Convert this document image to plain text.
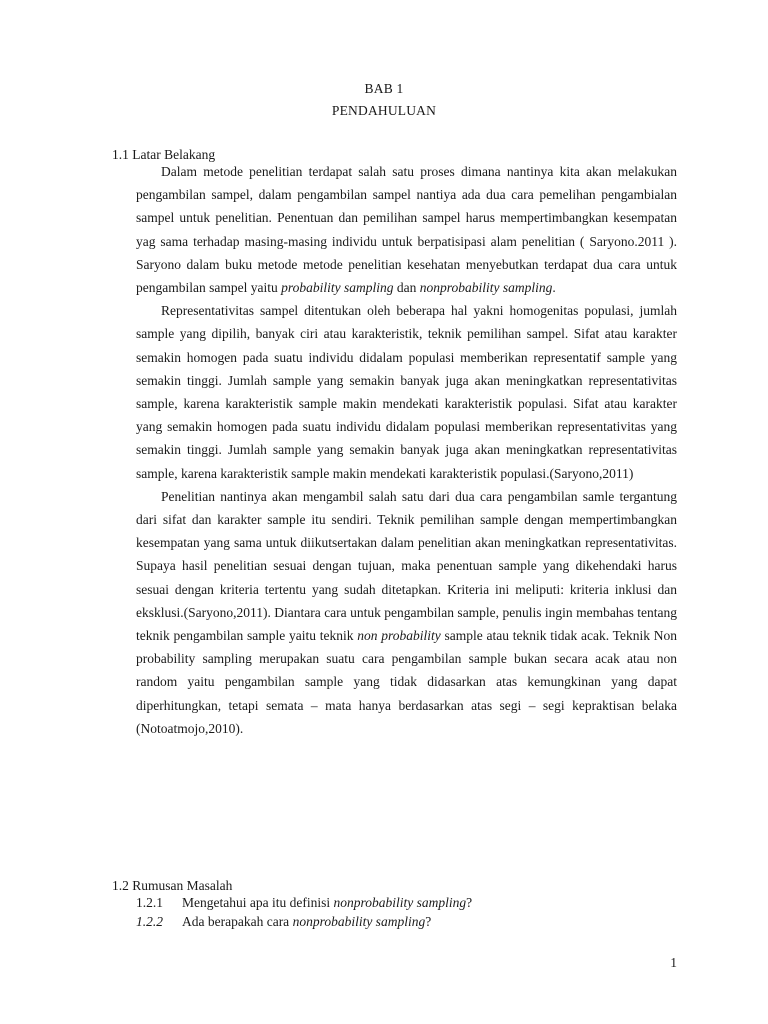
BAB 1
PENDAHULUAN
1.1 Latar Belakang

Dalam metode penelitian terdapat salah satu proses dimana nantinya kita akan melakukan pengambilan sampel, dalam pengambilan sampel nantiya ada dua cara pemelihan pengambialan sampel untuk penelitian. Penentuan dan pemilihan sampel harus mempertimbangkan kesempatan yag sama terhadap masing-masing individu untuk berpatisipasi alam penelitian ( Saryono.2011 ). Saryono dalam buku metode metode penelitian kesehatan menyebutkan terdapat dua cara untuk pengambilan sampel yaitu probability sampling dan nonprobability sampling.

Representativitas sampel ditentukan oleh beberapa hal yakni homogenitas populasi, jumlah sample yang dipilih, banyak ciri atau karakteristik, teknik pemilihan sampel. Sifat atau karakter semakin homogen pada suatu individu didalam populasi memberikan representatif sample yang semakin tinggi. Jumlah sample yang semakin banyak juga akan meningkatkan representativitas sample, karena karakteristik sample makin mendekati karakteristik populasi. Sifat atau karakter yang semakin homogen pada suatu individu didalam populasi memberikan representativitas yang semakin tinggi. Jumlah sample yang semakin banyak juga akan meningkatkan representativitas sample, karena karakteristik sample makin mendekati karakteristik populasi.(Saryono,2011)

Penelitian nantinya akan mengambil salah satu dari dua cara pengambilan samle tergantung dari sifat dan karakter sample itu sendiri. Teknik pemilihan sample dengan mempertimbangkan kesempatan yang sama untuk diikutsertakan dalam penelitian akan meningkatkan representativitas. Supaya hasil penelitian sesuai dengan tujuan, maka penentuan sample yang dikehendaki harus sesuai dengan kriteria tertentu yang sudah ditetapkan. Kriteria ini meliputi: kriteria inklusi dan eksklusi.(Saryono,2011). Diantara cara untuk pengambilan sample, penulis ingin membahas tentang teknik pengambilan sample yaitu teknik non probability sample atau teknik tidak acak. Teknik Non probability sampling merupakan suatu cara pengambilan sample bukan secara acak atau non random yaitu pengambilan sample yang tidak didasarkan atas kemungkinan yang dapat diperhitungkan, tetapi semata – mata hanya berdasarkan atas segi – segi kepraktisan belaka (Notoatmojo,2010).

1.2 Rumusan Masalah
1.2.1 Mengetahui apa itu definisi nonprobability sampling?
1.2.2 Ada berapakah cara nonprobability sampling?
1
